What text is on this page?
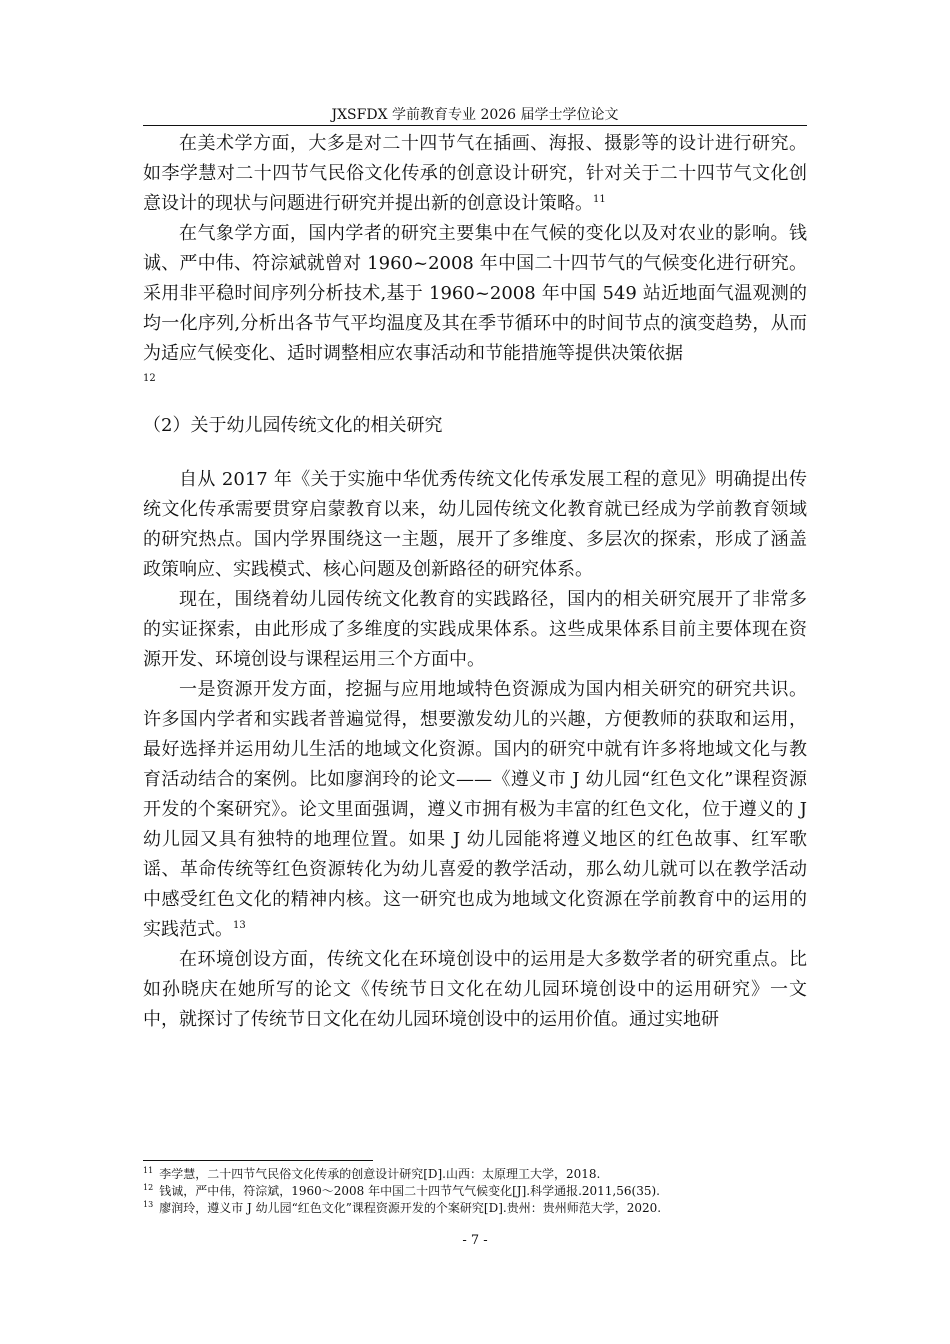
JXSFDX 学前教育专业 2026 届学士学位论文

在美术学方面，大多是对二十四节气在插画、海报、摄影等的设计进行研究。如李学慧对二十四节气民俗文化传承的创意设计研究，针对关于二十四节气文化创意设计的现状与问题进行研究并提出新的创意设计策略。$^{11}$

在气象学方面，国内学者的研究主要集中在气候的变化以及对农业的影响。钱诚、严中伟、符淙斌就曾对 1960~2008 年中国二十四节气的气候变化进行研究。采用非平稳时间序列分析技术,基于 1960~2008 年中国 549 站近地面气温观测的均一化序列,分析出各节气平均温度及其在季节循环中的时间节点的演变趋势，从而为适应气候变化、适时调整相应农事活动和节能措施等提供决策依据

12

（2）关于幼儿园传统文化的相关研究

自从 2017 年《关于实施中华优秀传统文化传承发展工程的意见》明确提出传统文化传承需要贯穿启蒙教育以来，幼儿园传统文化教育就已经成为学前教育领域的研究热点。国内学界围绕这一主题，展开了多维度、多层次的探索，形成了涵盖政策响应、实践模式、核心问题及创新路径的研究体系。

现在，围绕着幼儿园传统文化教育的实践路径，国内的相关研究展开了非常多的实证探索，由此形成了多维度的实践成果体系。这些成果体系目前主要体现在资源开发、环境创设与课程运用三个方面中。

一是资源开发方面，挖掘与应用地域特色资源成为国内相关研究的研究共识。许多国内学者和实践者普遍觉得，想要激发幼儿的兴趣，方便教师的获取和运用，最好选择并运用幼儿生活的地域文化资源。国内的研究中就有许多将地域文化与教育活动结合的案例。比如廖润玲的论文——《遵义市 J 幼儿园“红色文化”课程资源开发的个案研究》。论文里面强调，遵义市拥有极为丰富的红色文化，位于遵义的 J 幼儿园又具有独特的地理位置。如果 J 幼儿园能将遵义地区的红色故事、红军歌谣、革命传统等红色资源转化为幼儿喜爱的教学活动，那么幼儿就可以在教学活动中感受红色文化的精神内核。这一研究也成为地域文化资源在学前教育中的运用的实践范式。$^{13}$

在环境创设方面，传统文化在环境创设中的运用是大多数学者的研究重点。比如孙晓庆在她所写的论文《传统节日文化在幼儿园环境创设中的运用研究》一文中，就探讨了传统节日文化在幼儿园环境创设中的运用价值。通过实地研

$^{11}$ 李学慧，二十四节气民俗文化传承的创意设计研究[D].山西：太原理工大学，2018.

$^{12}$ 钱诚，严中伟，符淙斌，1960～2008 年中国二十四节气气候变化[J].科学通报.2011,56(35).

$^{13}$ 廖润玲，遵义市 J 幼儿园“红色文化”课程资源开发的个案研究[D].贵州：贵州师范大学，2020.

- 7 -
